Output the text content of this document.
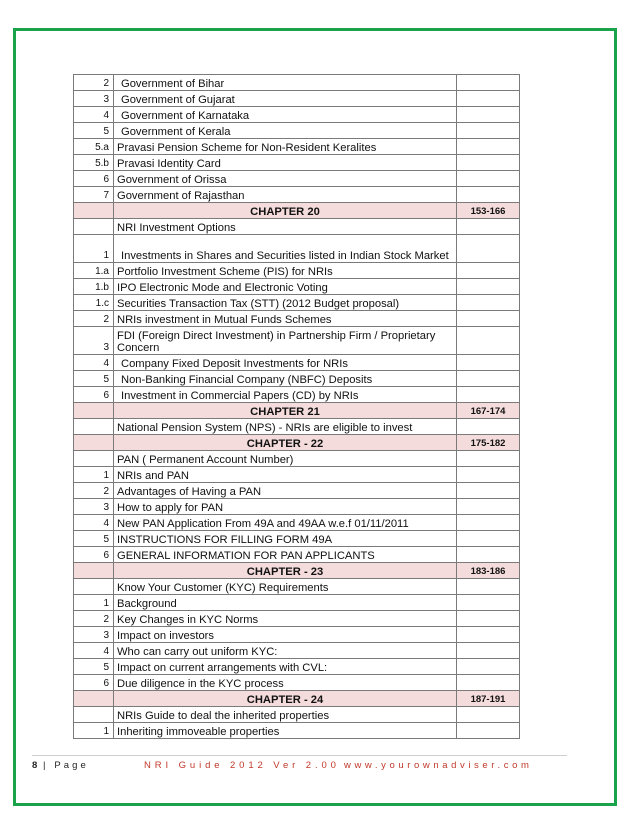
2	Government of Bihar	
3	Government of Gujarat	
4	Government of Karnataka	
5	Government of Kerala	
5.a	Pravasi Pension Scheme for Non-Resident Keralites	
5.b	Pravasi Identity Card	
6	Government of Orissa	
7	Government of Rajasthan	
	CHAPTER 20	153-166
	NRI Investment Options	
1	Investments in Shares and Securities listed in Indian Stock Market	
1.a	Portfolio Investment Scheme (PIS) for NRIs	
1.b	IPO Electronic Mode and Electronic Voting	
1.c	Securities Transaction Tax (STT) (2012 Budget proposal)	
2	NRIs investment in Mutual Funds Schemes	
3	FDI (Foreign Direct Investment) in Partnership Firm / Proprietary Concern	
4	Company Fixed Deposit Investments for NRIs	
5	Non-Banking Financial Company (NBFC) Deposits	
6	Investment in Commercial Papers (CD) by NRIs	
	CHAPTER 21	167-174
	National Pension System (NPS) - NRIs are eligible to invest	
	CHAPTER - 22	175-182
	PAN ( Permanent Account Number)	
1	NRIs and PAN	
2	Advantages of Having a PAN	
3	How to apply for PAN	
4	New PAN Application From 49A and 49AA w.e.f 01/11/2011	
5	INSTRUCTIONS FOR FILLING FORM 49A	
6	GENERAL INFORMATION FOR PAN APPLICANTS	
	CHAPTER - 23	183-186
	Know Your Customer (KYC) Requirements	
1	Background	
2	Key Changes in KYC Norms	
3	Impact on investors	
4	Who can carry out uniform KYC:	
5	Impact on current arrangements with CVL:	
6	Due diligence in the KYC process	
	CHAPTER - 24	187-191
	NRIs Guide to deal the inherited properties	
1	Inheriting immoveable properties	
8 | Page	NRI Guide 2012 Ver 2.00 www.yourownadviser.com
